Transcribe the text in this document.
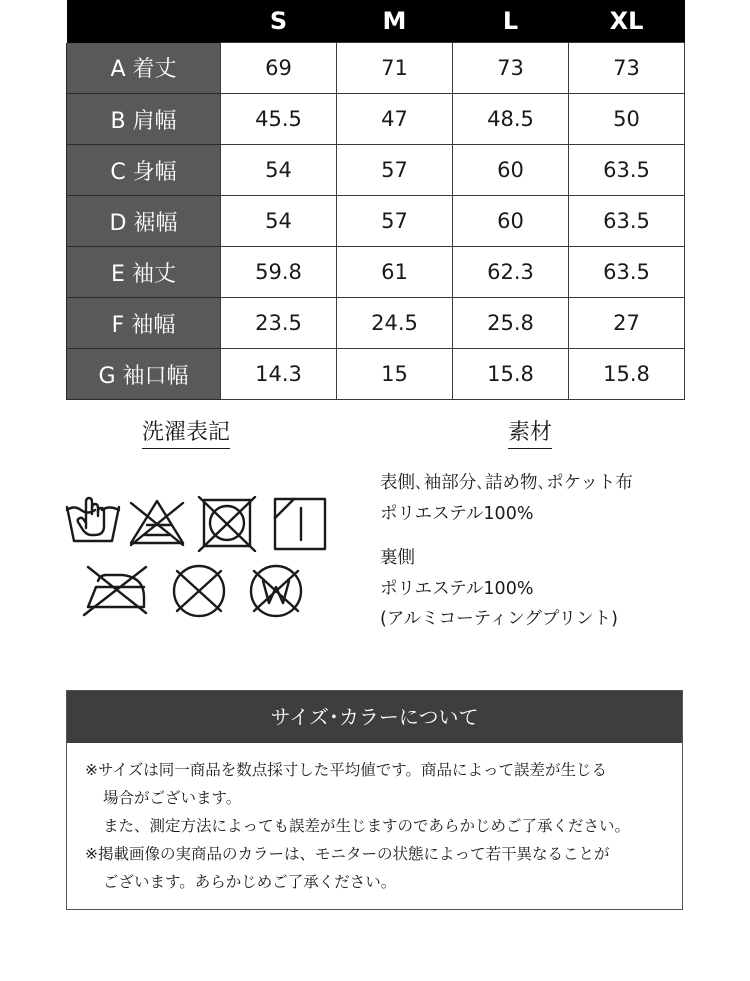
	S	M	L	XL
A 着丈	69	71	73	73
B 肩幅	45.5	47	48.5	50
C 身幅	54	57	60	63.5
D 裾幅	54	57	60	63.5
E 袖丈	59.8	61	62.3	63.5
F 袖幅	23.5	24.5	25.8	27
G 袖口幅	14.3	15	15.8	15.8
洗濯表記	素材
表側､袖部分､詰め物､ポケット布
ポリエステル100%
裏側
ポリエステル100%
(アルミコーティングプリント)
サイズ･カラーについて
※サイズは同一商品を数点採寸した平均値です。商品によって誤差が生じる
場合がございます。
また、測定方法によっても誤差が生じますのであらかじめご了承ください。
※掲載画像の実商品のカラーは、モニターの状態によって若干異なることが
ございます。あらかじめご了承ください。
